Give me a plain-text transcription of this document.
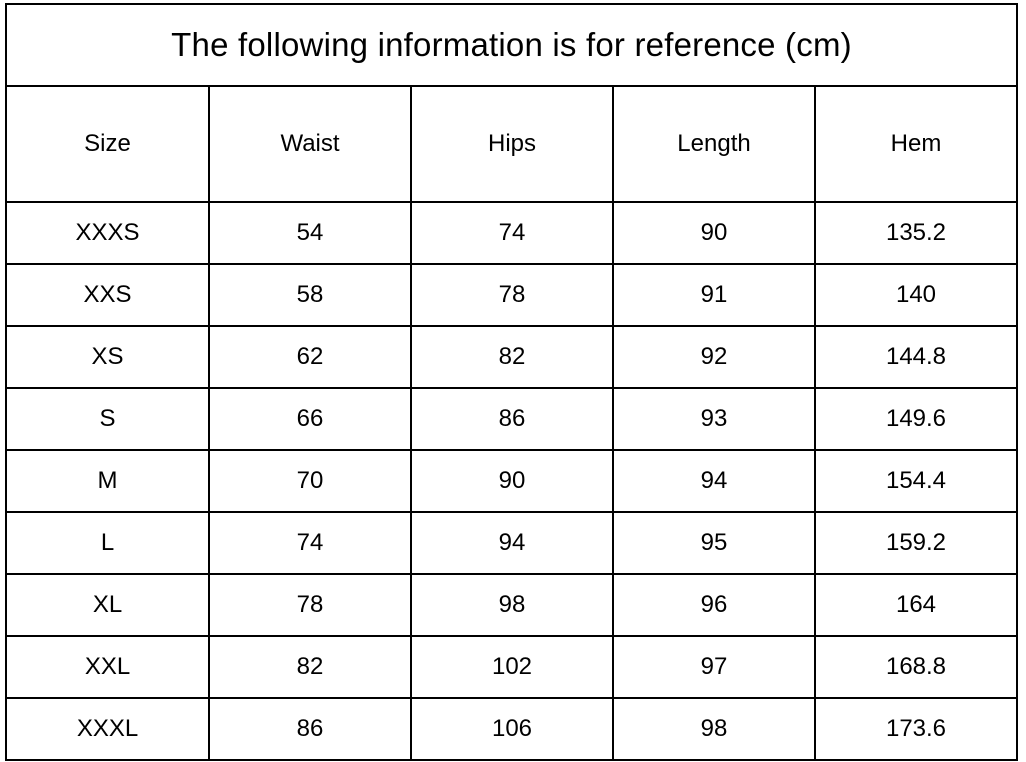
The following information is for reference (cm)				
Size	Waist	Hips	Length	Hem
XXXS	54	74	90	135.2
XXS	58	78	91	140
XS	62	82	92	144.8
S	66	86	93	149.6
M	70	90	94	154.4
L	74	94	95	159.2
XL	78	98	96	164
XXL	82	102	97	168.8
XXXL	86	106	98	173.6
